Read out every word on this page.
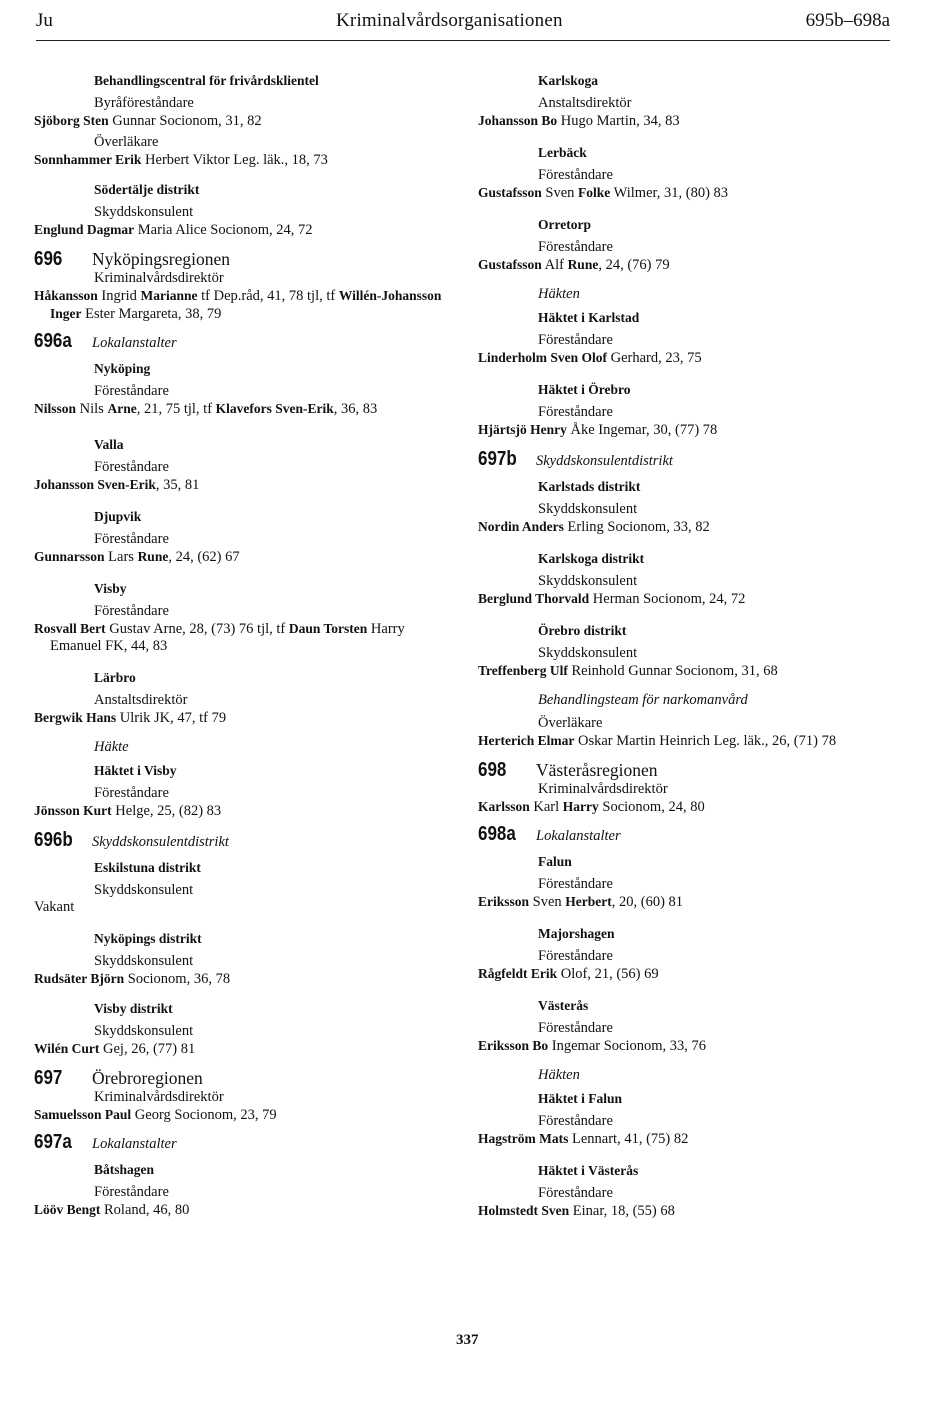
Ju	Kriminalvårdsorganisationen	695b–698a
Behandlingscentral för frivårdsklientel
Byråföreståndare
Sjöborg Sten Gunnar Socionom, 31, 82
Överläkare
Sonnhammer Erik Herbert Viktor Leg. läk., 18, 73
Södertälje distrikt
Skyddskonsulent
Englund Dagmar Maria Alice Socionom, 24, 72
696 Nyköpingsregionen
Kriminalvårdsdirektör
Håkansson Ingrid Marianne tf Dep.råd, 41, 78 tjl, tf Willén-Johansson Inger Ester Margareta, 38, 79
696a Lokalanstalter
Nyköping
Föreståndare
Nilsson Nils Arne, 21, 75 tjl, tf Klavefors Sven-Erik, 36, 83
Valla
Föreståndare
Johansson Sven-Erik, 35, 81
Djupvik
Föreståndare
Gunnarsson Lars Rune, 24, (62) 67
Visby
Föreståndare
Rosvall Bert Gustav Arne, 28, (73) 76 tjl, tf Daun Torsten Harry Emanuel FK, 44, 83
Lärbro
Anstaltsdirektör
Bergwik Hans Ulrik JK, 47, tf 79
Häkte
Häktet i Visby
Föreståndare
Jönsson Kurt Helge, 25, (82) 83
696b Skyddskonsulentdistrikt
Eskilstuna distrikt
Skyddskonsulent
Vakant
Nyköpings distrikt
Skyddskonsulent
Rudsäter Björn Socionom, 36, 78
Visby distrikt
Skyddskonsulent
Wilén Curt Gej, 26, (77) 81
697 Örebroregionen
Kriminalvårdsdirektör
Samuelsson Paul Georg Socionom, 23, 79
697a Lokalanstalter
Båtshagen
Föreståndare
Lööv Bengt Roland, 46, 80
Karlskoga
Anstaltsdirektör
Johansson Bo Hugo Martin, 34, 83
Lerbäck
Föreståndare
Gustafsson Sven Folke Wilmer, 31, (80) 83
Orretorp
Föreståndare
Gustafsson Alf Rune, 24, (76) 79
Häkten
Häktet i Karlstad
Föreståndare
Linderholm Sven Olof Gerhard, 23, 75
Häktet i Örebro
Föreståndare
Hjärtsjö Henry Åke Ingemar, 30, (77) 78
697b Skyddskonsulentdistrikt
Karlstads distrikt
Skyddskonsulent
Nordin Anders Erling Socionom, 33, 82
Karlskoga distrikt
Skyddskonsulent
Berglund Thorvald Herman Socionom, 24, 72
Örebro distrikt
Skyddskonsulent
Treffenberg Ulf Reinhold Gunnar Socionom, 31, 68
Behandlingsteam för narkomanvård
Överläkare
Herterich Elmar Oskar Martin Heinrich Leg. läk., 26, (71) 78
698 Västeråsregionen
Kriminalvårdsdirektör
Karlsson Karl Harry Socionom, 24, 80
698a Lokalanstalter
Falun
Föreståndare
Eriksson Sven Herbert, 20, (60) 81
Majorshagen
Föreståndare
Rågfeldt Erik Olof, 21, (56) 69
Västerås
Föreståndare
Eriksson Bo Ingemar Socionom, 33, 76
Häkten
Häktet i Falun
Föreståndare
Hagström Mats Lennart, 41, (75) 82
Häktet i Västerås
Föreståndare
Holmstedt Sven Einar, 18, (55) 68
337
